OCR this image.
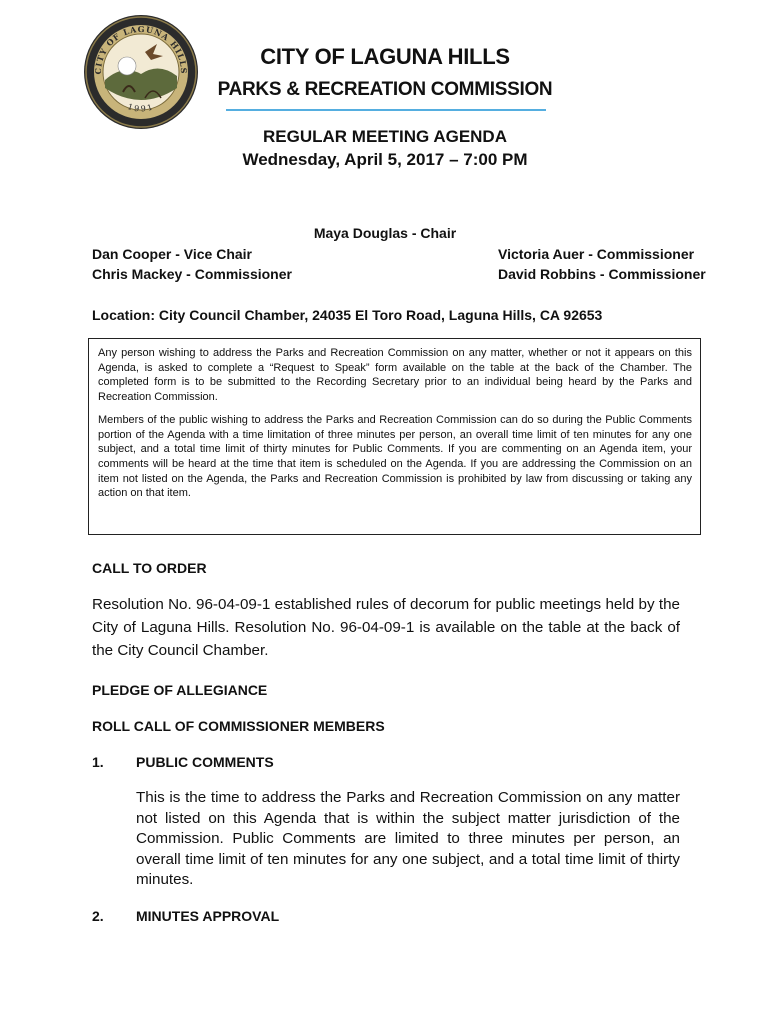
CITY OF LAGUNA HILLS
1991
CITY OF LAGUNA HILLS
PARKS & RECREATION COMMISSION
REGULAR MEETING AGENDA
Wednesday, April 5, 2017 – 7:00 PM
Maya Douglas - Chair
Dan Cooper - Vice Chair
Chris Mackey - Commissioner
Victoria Auer - Commissioner
David Robbins - Commissioner
Location: City Council Chamber, 24035 El Toro Road, Laguna Hills, CA 92653

Any person wishing to address the Parks and Recreation Commission on any matter, whether or not it appears on this Agenda, is asked to complete a “Request to Speak” form available on the table at the back of the Chamber. The completed form is to be submitted to the Recording Secretary prior to an individual being heard by the Parks and Recreation Commission.

Members of the public wishing to address the Parks and Recreation Commission can do so during the Public Comments portion of the Agenda with a time limitation of three minutes per person, an overall time limit of ten minutes for any one subject, and a total time limit of thirty minutes for Public Comments. If you are commenting on an Agenda item, your comments will be heard at the time that item is scheduled on the Agenda. If you are addressing the Commission on an item not listed on the Agenda, the Parks and Recreation Commission is prohibited by law from discussing or taking any action on that item.

CALL TO ORDER
Resolution No. 96-04-09-1 established rules of decorum for public meetings held by the City of Laguna Hills. Resolution No. 96-04-09-1 is available on the table at the back of the City Council Chamber.
PLEDGE OF ALLEGIANCE
ROLL CALL OF COMMISSIONER MEMBERS
1. PUBLIC COMMENTS
This is the time to address the Parks and Recreation Commission on any matter not listed on this Agenda that is within the subject matter jurisdiction of the Commission. Public Comments are limited to three minutes per person, an overall time limit of ten minutes for any one subject, and a total time limit of thirty minutes.
2. MINUTES APPROVAL
